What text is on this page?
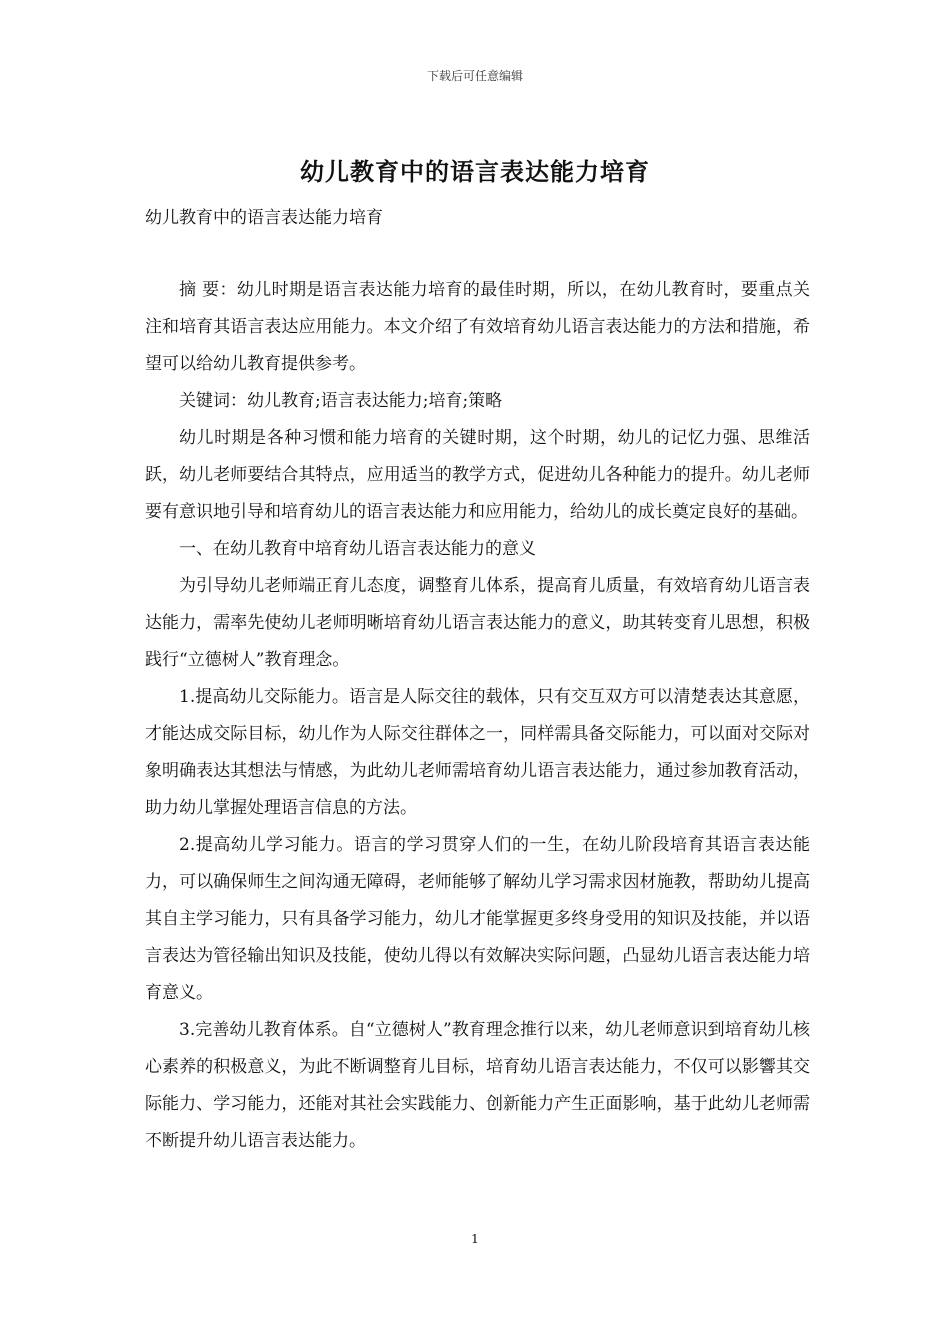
下载后可任意编辑
幼儿教育中的语言表达能力培育
幼儿教育中的语言表达能力培育

摘 要：幼儿时期是语言表达能力培育的最佳时期，所以，在幼儿教育时，要重点关注和培育其语言表达应用能力。本文介绍了有效培育幼儿语言表达能力的方法和措施，希望可以给幼儿教育提供参考。

关键词：幼儿教育;语言表达能力;培育;策略

幼儿时期是各种习惯和能力培育的关键时期，这个时期，幼儿的记忆力强、思维活跃，幼儿老师要结合其特点，应用适当的教学方式，促进幼儿各种能力的提升。幼儿老师要有意识地引导和培育幼儿的语言表达能力和应用能力，给幼儿的成长奠定良好的基础。

一、在幼儿教育中培育幼儿语言表达能力的意义

为引导幼儿老师端正育儿态度，调整育儿体系，提高育儿质量，有效培育幼儿语言表达能力，需率先使幼儿老师明晰培育幼儿语言表达能力的意义，助其转变育儿思想，积极践行“立德树人”教育理念。

1.提高幼儿交际能力。语言是人际交往的载体，只有交互双方可以清楚表达其意愿，才能达成交际目标，幼儿作为人际交往群体之一，同样需具备交际能力，可以面对交际对象明确表达其想法与情感，为此幼儿老师需培育幼儿语言表达能力，通过参加教育活动，助力幼儿掌握处理语言信息的方法。

2.提高幼儿学习能力。语言的学习贯穿人们的一生，在幼儿阶段培育其语言表达能力，可以确保师生之间沟通无障碍，老师能够了解幼儿学习需求因材施教，帮助幼儿提高其自主学习能力，只有具备学习能力，幼儿才能掌握更多终身受用的知识及技能，并以语言表达为管径输出知识及技能，使幼儿得以有效解决实际问题，凸显幼儿语言表达能力培育意义。

3.完善幼儿教育体系。自“立德树人”教育理念推行以来，幼儿老师意识到培育幼儿核心素养的积极意义，为此不断调整育儿目标，培育幼儿语言表达能力，不仅可以影響其交际能力、学习能力，还能对其社会实践能力、创新能力产生正面影响，基于此幼儿老师需不断提升幼儿语言表达能力。

1
